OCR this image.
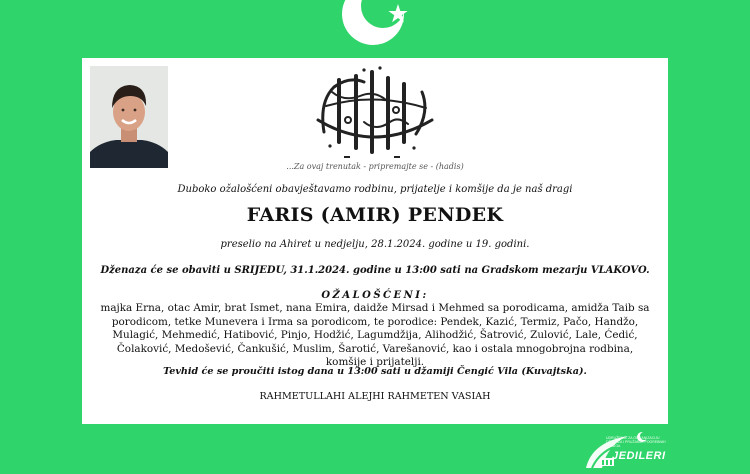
...Za ovaj trenutak - pripremajte se - (hadis)
Duboko ožalošćeni obavještavamo rodbinu, prijatelje i komšije da je naš dragi
FARIS (AMIR) PENDEK
preselio na Ahiret u nedjelju, 28.1.2024. godine u 19. godini.
Dženaza će se obaviti u SRIJEDU, 31.1.2024. godine u 13:00 sati na Gradskom mezarju VLAKOVO.
OŽALOŠĆENI:
majka Erna, otac Amir, brat Ismet, nana Emira, daidže Mirsad i Mehmed sa porodicama, amidža Taib sa porodicom, tetke Munevera i Irma sa porodicom, te porodice: Pendek, Kazić, Termiz, Pačo, Handžo, Mulagić, Mehmedić, Hatibović, Pinjo, Hodžić, Lagumdžija, Alihodžić, Šatrović, Zulović, Lale, Ćedić, Čolaković, Medošević, Čankušić, Muslim, Šarotić, Varešanović, kao i ostala mnogobrojna rodbina, komšije i prijatelji.
Tevhid će se proučiti istog dana u 13:00 sati u džamiji Čengić Vila (Kuvajtska).
RAHMETULLAHI ALEJHI RAHMETEN VASIAH
UDRUŽENJE ZA ORGANIZACIJU DŽENAZA I PRUŽANJE POGREBNIH USLUGA
JEDILERI
